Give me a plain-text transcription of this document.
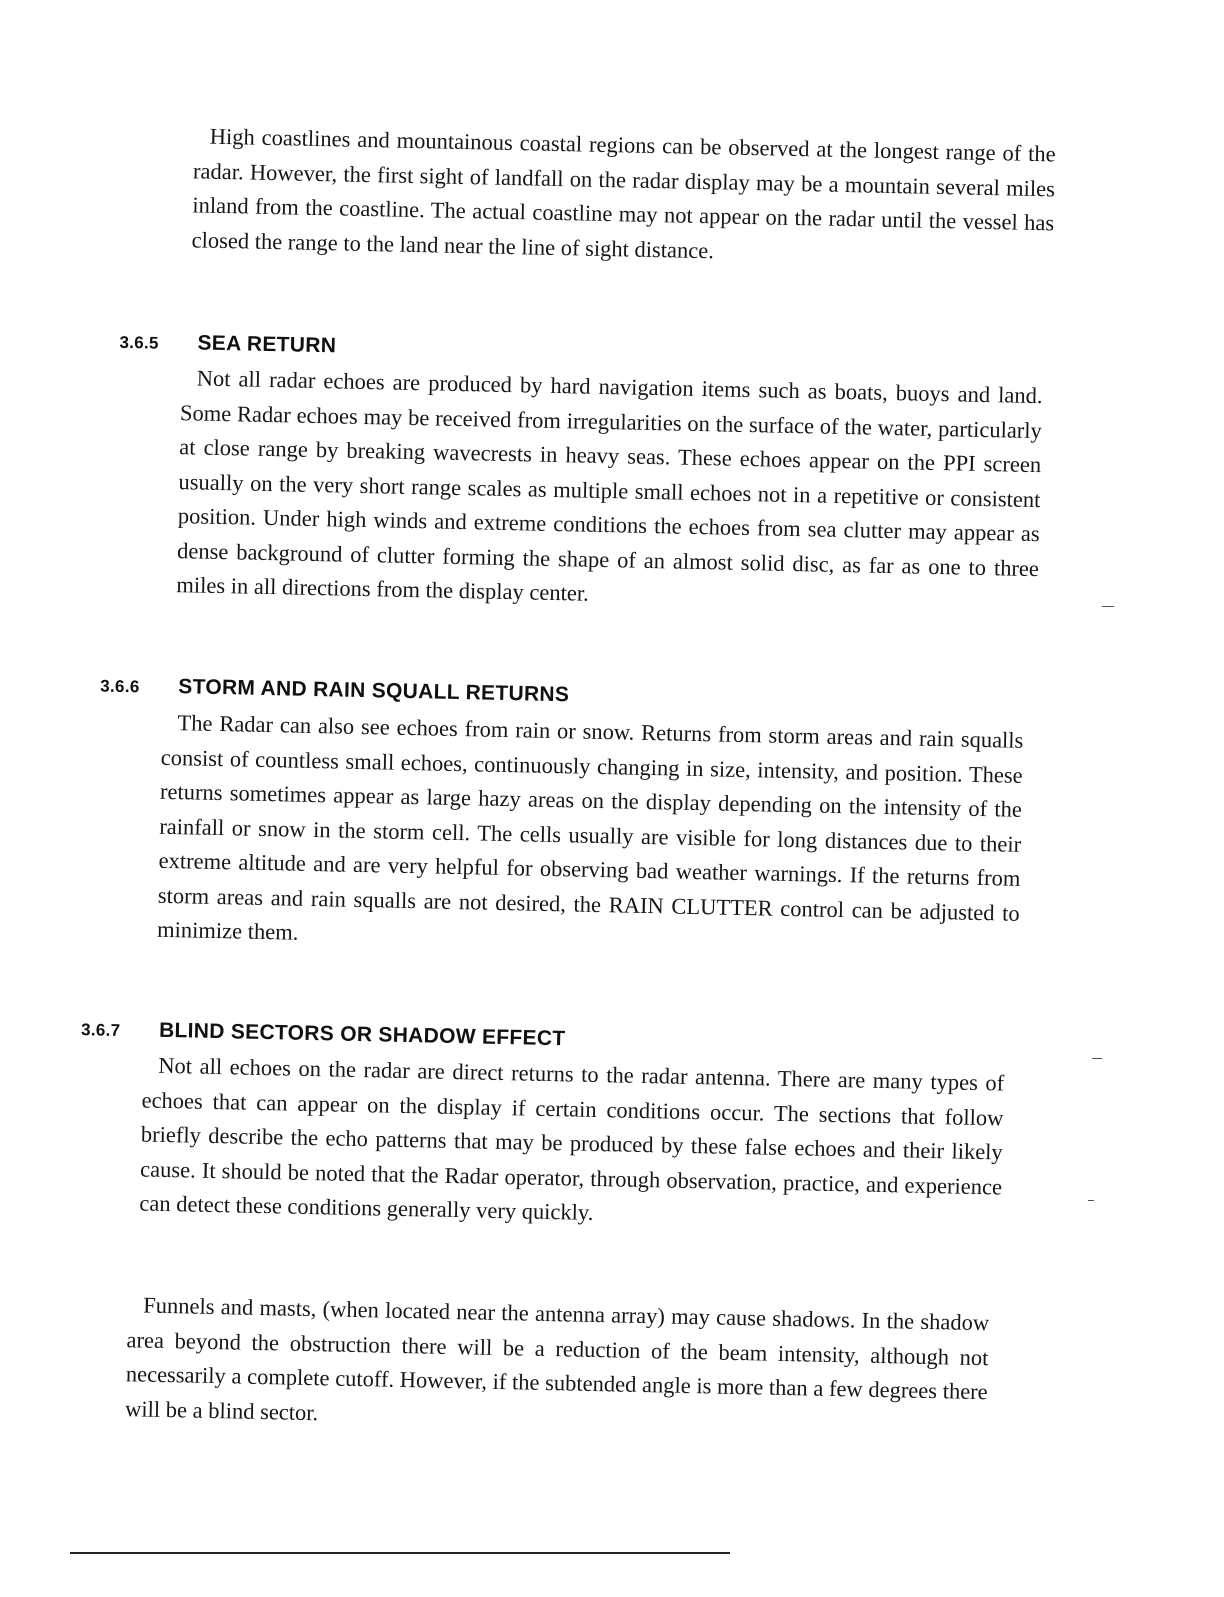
High coastlines and mountainous coastal regions can be observed at the longest range of the radar. However, the first sight of landfall on the radar display may be a mountain several miles inland from the coastline. The actual coastline may not appear on the radar until the vessel has closed the range to the land near the line of sight distance.

3.6.5 SEA RETURN

Not all radar echoes are produced by hard navigation items such as boats, buoys and land. Some Radar echoes may be received from irregularities on the surface of the water, particularly at close range by breaking wavecrests in heavy seas. These echoes appear on the PPI screen usually on the very short range scales as multiple small echoes not in a repetitive or consistent position. Under high winds and extreme conditions the echoes from sea clutter may appear as dense background of clutter forming the shape of an almost solid disc, as far as one to three miles in all directions from the display center.

3.6.6 STORM AND RAIN SQUALL RETURNS

The Radar can also see echoes from rain or snow. Returns from storm areas and rain squalls consist of countless small echoes, continuously changing in size, intensity, and position. These returns sometimes appear as large hazy areas on the display depending on the intensity of the rainfall or snow in the storm cell. The cells usually are visible for long distances due to their extreme altitude and are very helpful for observing bad weather warnings. If the returns from storm areas and rain squalls are not desired, the RAIN CLUTTER control can be adjusted to minimize them.

3.6.7 BLIND SECTORS OR SHADOW EFFECT

Not all echoes on the radar are direct returns to the radar antenna. There are many types of echoes that can appear on the display if certain conditions occur. The sections that follow briefly describe the echo patterns that may be produced by these false echoes and their likely cause. It should be noted that the Radar operator, through observation, practice, and experience can detect these conditions generally very quickly.

Funnels and masts, (when located near the antenna array) may cause shadows. In the shadow area beyond the obstruction there will be a reduction of the beam intensity, although not necessarily a complete cutoff. However, if the subtended angle is more than a few degrees there will be a blind sector.
